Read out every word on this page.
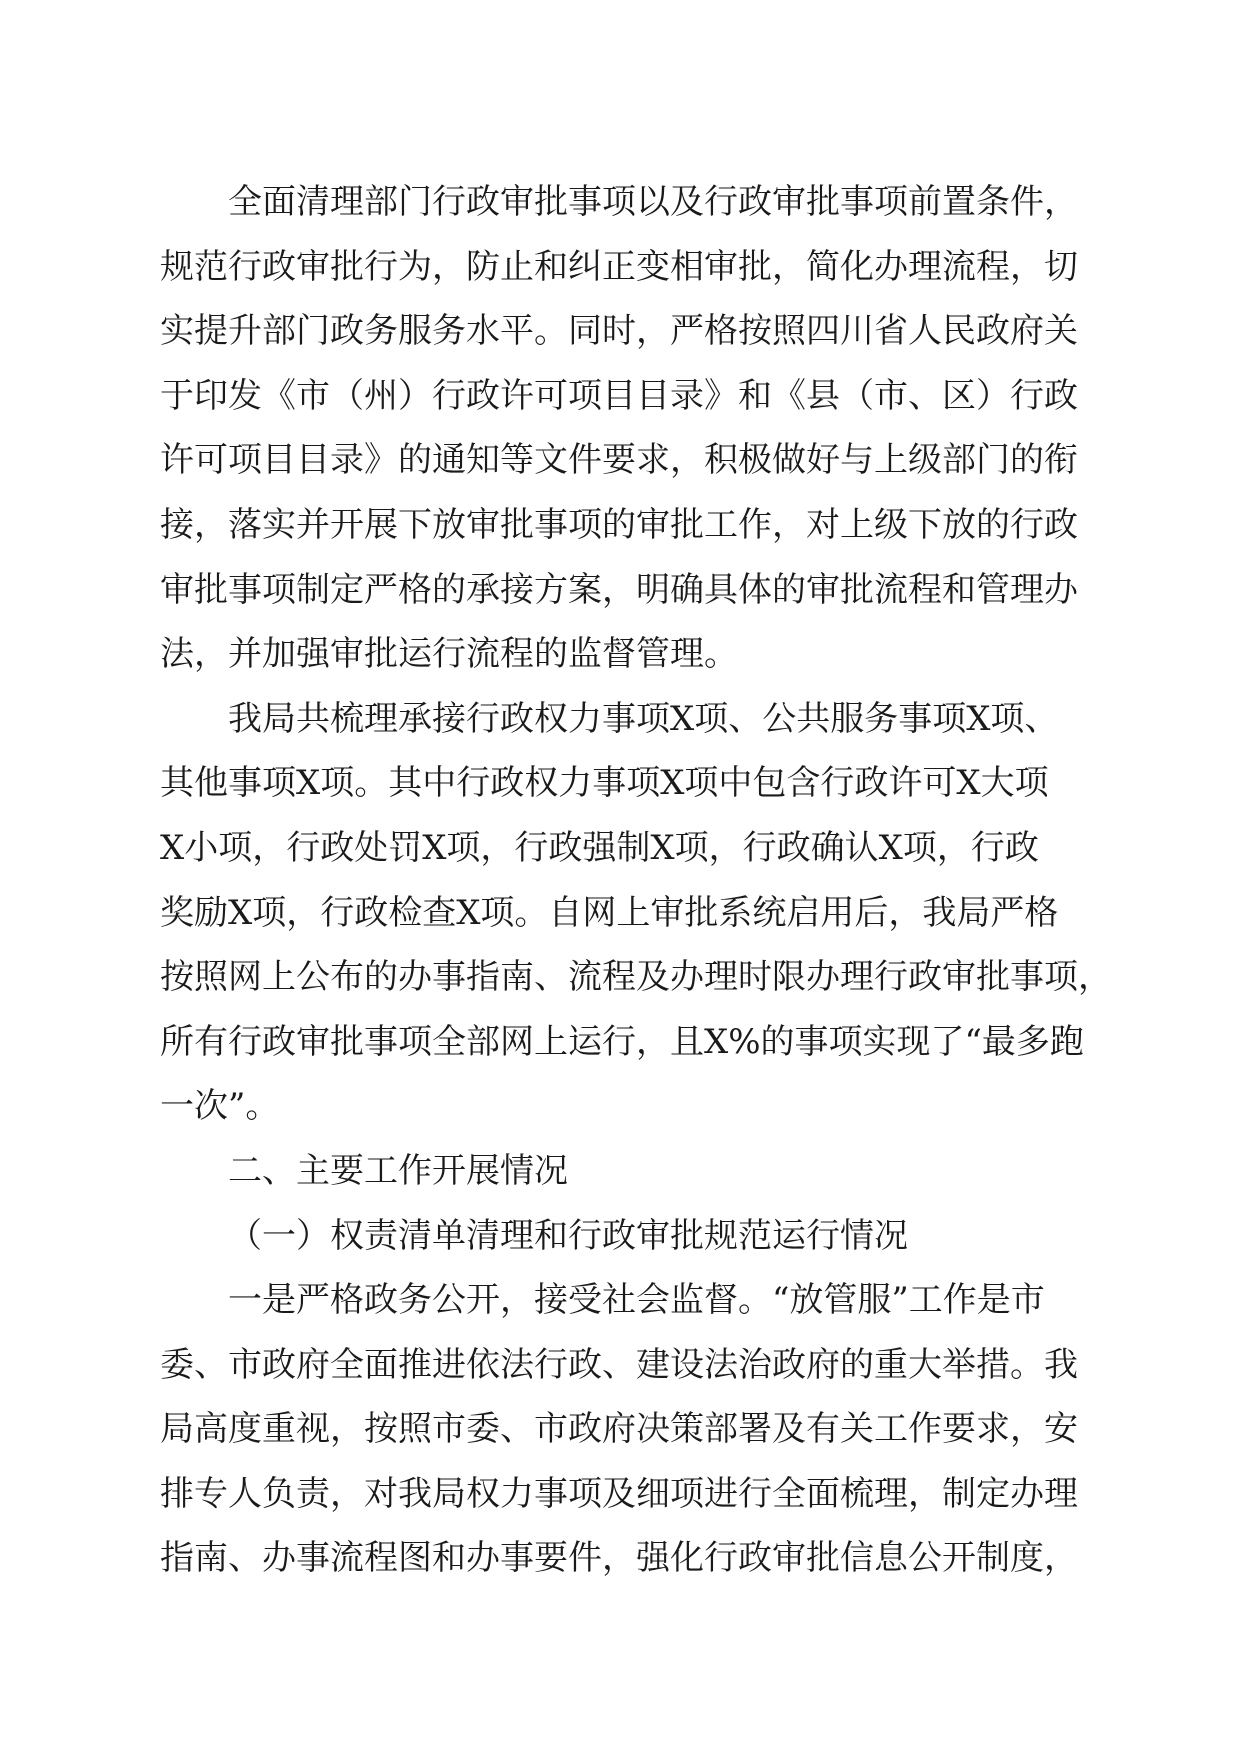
全面清理部门行政审批事项以及行政审批事项前置条件，
规范行政审批行为，防止和纠正变相审批，简化办理流程，切
实提升部门政务服务水平。同时，严格按照四川省人民政府关
于印发《市（州）行政许可项目目录》和《县（市、区）行政
许可项目目录》的通知等文件要求，积极做好与上级部门的衔
接，落实并开展下放审批事项的审批工作，对上级下放的行政
审批事项制定严格的承接方案，明确具体的审批流程和管理办
法，并加强审批运行流程的监督管理。
我局共梳理承接行政权力事项X项、公共服务事项X项、
其他事项X项。其中行政权力事项X项中包含行政许可X大项
X小项，行政处罚X项，行政强制X项，行政确认X项，行政
奖励X项，行政检查X项。自网上审批系统启用后，我局严格
按照网上公布的办事指南、流程及办理时限办理行政审批事项，
所有行政审批事项全部网上运行，且X%的事项实现了“最多跑
一次”。
二、主要工作开展情况
（一）权责清单清理和行政审批规范运行情况
一是严格政务公开，接受社会监督。“放管服”工作是市
委、市政府全面推进依法行政、建设法治政府的重大举措。我
局高度重视，按照市委、市政府决策部署及有关工作要求，安
排专人负责，对我局权力事项及细项进行全面梳理，制定办理
指南、办事流程图和办事要件，强化行政审批信息公开制度，
